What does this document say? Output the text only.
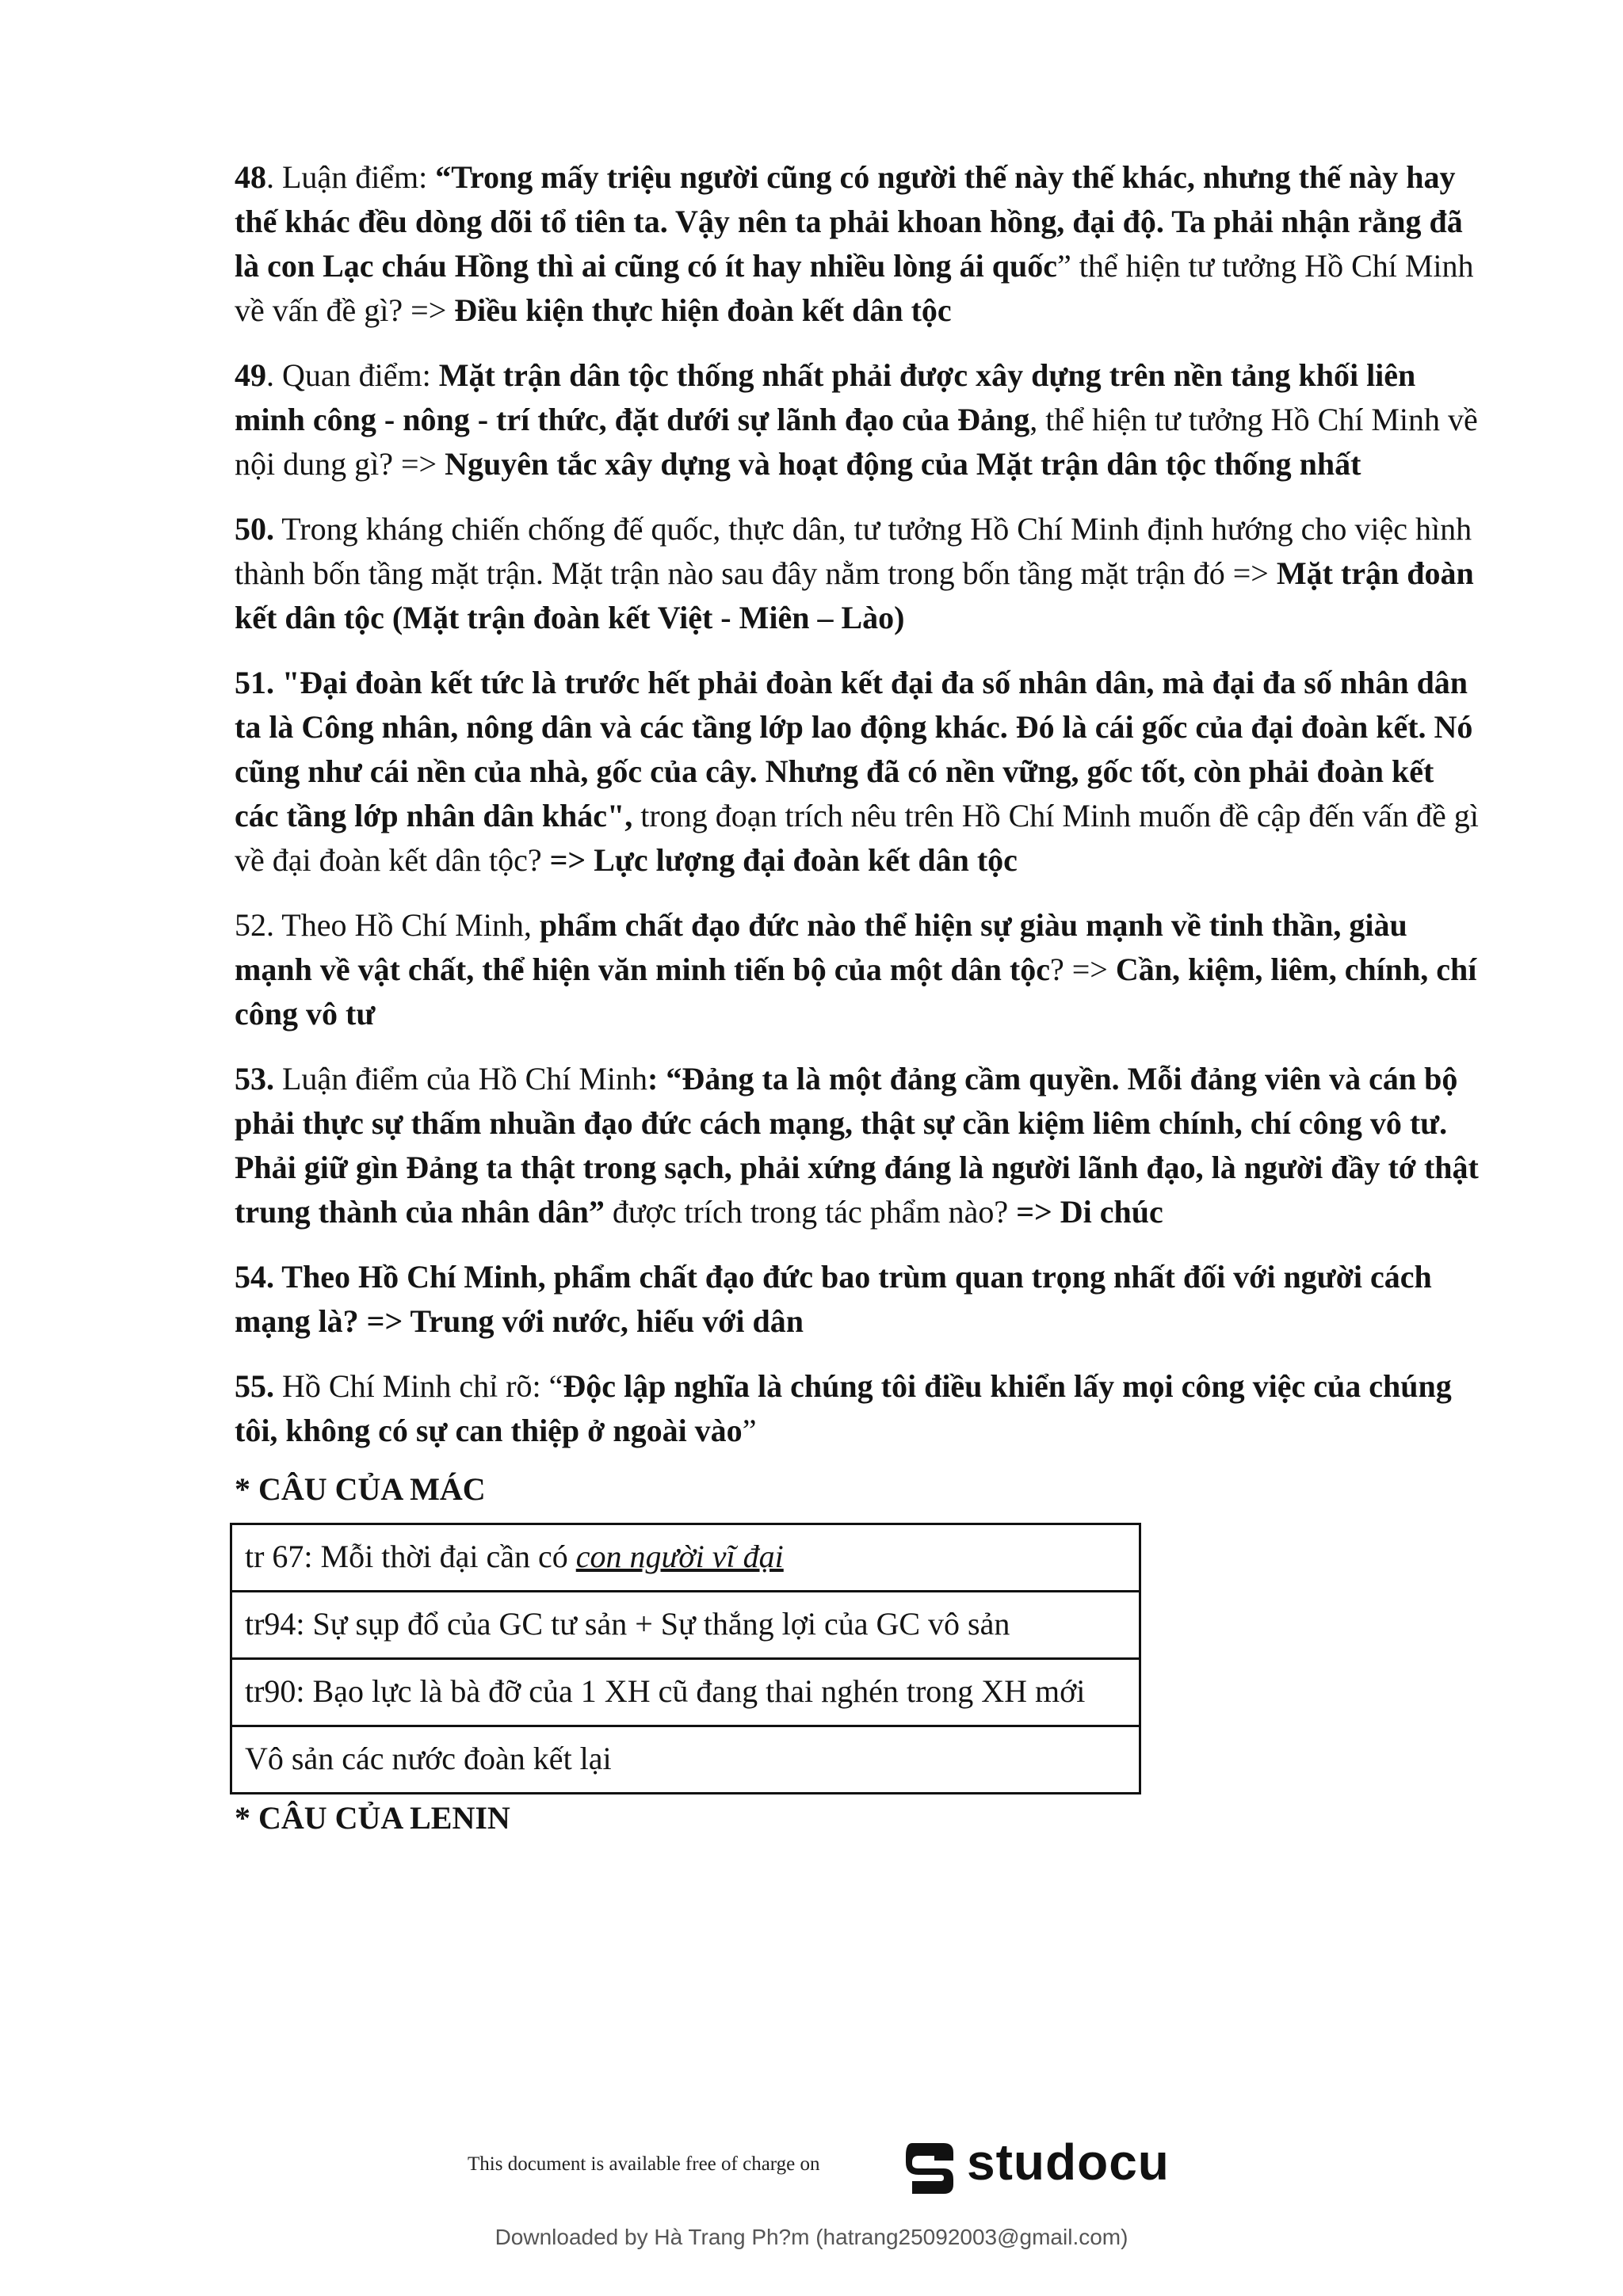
48. Luận điểm: “Trong mấy triệu người cũng có người thế này thế khác, nhưng thế này hay thế khác đều dòng dõi tổ tiên ta. Vậy nên ta phải khoan hồng, đại độ. Ta phải nhận rằng đã là con Lạc cháu Hồng thì ai cũng có ít hay nhiều lòng ái quốc” thể hiện tư tưởng Hồ Chí Minh về vấn đề gì? => Điều kiện thực hiện đoàn kết dân tộc

49. Quan điểm: Mặt trận dân tộc thống nhất phải được xây dựng trên nền tảng khối liên minh công - nông - trí thức, đặt dưới sự lãnh đạo của Đảng, thể hiện tư tưởng Hồ Chí Minh về nội dung gì? => Nguyên tắc xây dựng và hoạt động của Mặt trận dân tộc thống nhất

50. Trong kháng chiến chống đế quốc, thực dân, tư tưởng Hồ Chí Minh định hướng cho việc hình thành bốn tầng mặt trận. Mặt trận nào sau đây nằm trong bốn tầng mặt trận đó => Mặt trận đoàn kết dân tộc (Mặt trận đoàn kết Việt - Miên – Lào)

51. "Đại đoàn kết tức là trước hết phải đoàn kết đại đa số nhân dân, mà đại đa số nhân dân ta là Công nhân, nông dân và các tầng lớp lao động khác. Đó là cái gốc của đại đoàn kết. Nó cũng như cái nền của nhà, gốc của cây. Nhưng đã có nền vững, gốc tốt, còn phải đoàn kết các tầng lớp nhân dân khác", trong đoạn trích nêu trên Hồ Chí Minh muốn đề cập đến vấn đề gì về đại đoàn kết dân tộc? => Lực lượng đại đoàn kết dân tộc

52. Theo Hồ Chí Minh, phẩm chất đạo đức nào thể hiện sự giàu mạnh về tinh thần, giàu mạnh về vật chất, thể hiện văn minh tiến bộ của một dân tộc? => Cần, kiệm, liêm, chính, chí công vô tư

53. Luận điểm của Hồ Chí Minh: “Đảng ta là một đảng cầm quyền. Mỗi đảng viên và cán bộ phải thực sự thấm nhuần đạo đức cách mạng, thật sự cần kiệm liêm chính, chí công vô tư. Phải giữ gìn Đảng ta thật trong sạch, phải xứng đáng là người lãnh đạo, là người đầy tớ thật trung thành của nhân dân” được trích trong tác phẩm nào? => Di chúc

54. Theo Hồ Chí Minh, phẩm chất đạo đức bao trùm quan trọng nhất đối với người cách mạng là? => Trung với nước, hiếu với dân

55. Hồ Chí Minh chỉ rõ: “Độc lập nghĩa là chúng tôi điều khiển lấy mọi công việc của chúng tôi, không có sự can thiệp ở ngoài vào”

* CÂU CỦA MÁC
tr 67: Mỗi thời đại cần có con người vĩ đại
tr94: Sự sụp đổ của GC tư sản + Sự thắng lợi của GC vô sản
tr90: Bạo lực là bà đỡ của 1 XH cũ đang thai nghén trong XH mới
Vô sản các nước đoàn kết lại
* CÂU CỦA LENIN
This document is available free of charge on	studocu
Downloaded by Hà Trang Ph?m (hatrang25092003@gmail.com)
